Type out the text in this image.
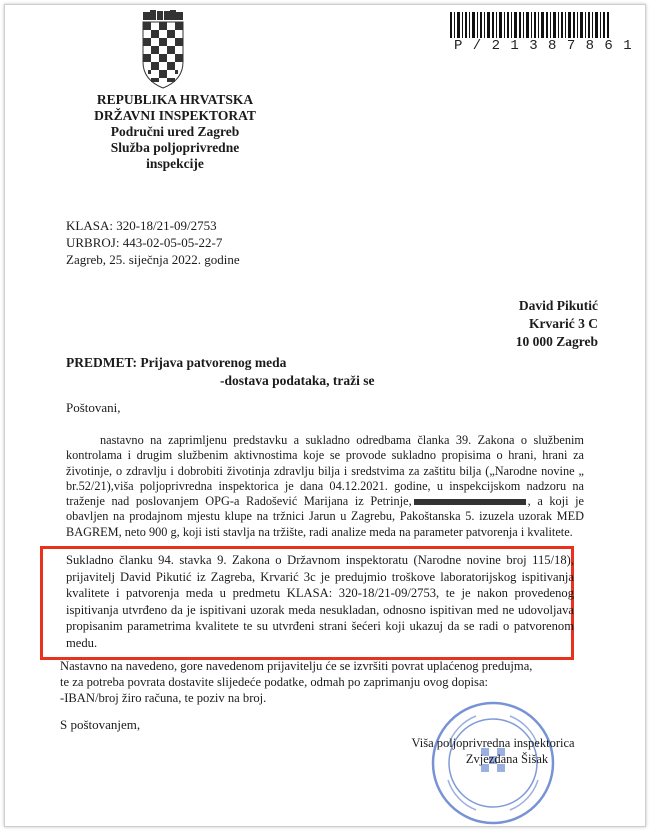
P / 2 1 3 8 7 8 6 1
REPUBLIKA HRVATSKA
DRŽAVNI INSPEKTORAT
Područni ured Zagreb
Služba poljoprivredne
inspekcije
KLASA: 320-18/21-09/2753
URBROJ: 443-02-05-05-22-7
Zagreb, 25. siječnja 2022. godine
David Pikutić
Krvarić 3 C
10 000 Zagreb
PREDMET: Prijava patvorenog meda
-dostava podataka, traži se
Poštovani,
nastavno na zaprimljenu predstavku a sukladno odredbama članka 39. Zakona o službenim kontrolama i drugim službenim aktivnostima koje se provode sukladno propisima o hrani, hrani za životinje, o zdravlju i dobrobiti životinja zdravlju bilja i sredstvima za zaštitu bilja („Narodne novine „ br.52/21),viša poljoprivredna inspektorica je dana 04.12.2021. godine, u inspekcijskom nadzoru na traženje nad poslovanjem OPG-a Radošević Marijana iz Petrinje,	, a koji je obavljen na prodajnom mjestu klupe na tržnici Jarun u Zagrebu, Pakoštanska 5. izuzela uzorak MED BAGREM, neto 900 g, koji isti stavlja na tržište, radi analize meda na parameter patvorenja i kvalitete.
Sukladno članku 94. stavka 9. Zakona o Državnom inspektoratu (Narodne novine broj 115/18), prijavitelj David Pikutić iz Zagreba, Krvarić 3c je predujmio troškove laboratorijskog ispitivanja kvalitete i patvorenja meda u predmetu KLASA: 320-18/21-09/2753, te je nakon provedenog ispitivanja utvrđeno da je ispitivani uzorak meda nesukladan, odnosno ispitivan med ne udovoljava propisanim parametrima kvalitete te su utvrđeni strani šećeri koji ukazuj da se radi o patvorenom medu.
Nastavno na navedeno, gore navedenom prijavitelju će se izvršiti povrat uplaćenog predujma,
te za potreba povrata dostavite slijedeće podatke, odmah po zaprimanju ovog dopisa:
-IBAN/broj žiro računa, te poziv na broj.
S poštovanjem,
Viša poljoprivredna inspektorica
Zvjezdana Šišak
